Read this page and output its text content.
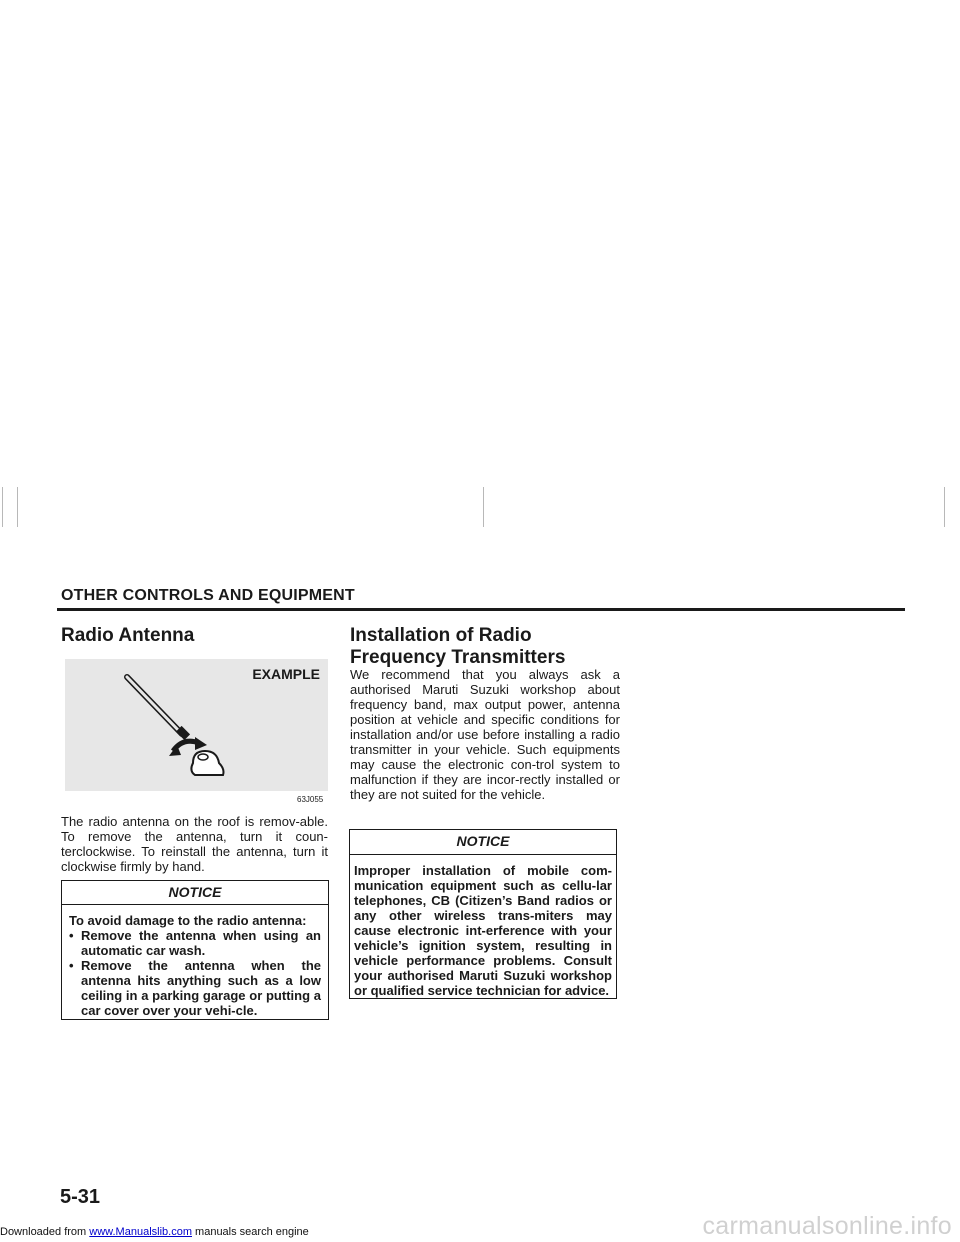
OTHER CONTROLS AND EQUIPMENT
Radio Antenna
EXAMPLE
63J055

The radio antenna on the roof is remov-able. To remove the antenna, turn it coun-terclockwise. To reinstall the antenna, turn it clockwise firmly by hand.

NOTICE
To avoid damage to the radio antenna:
• Remove the antenna when using an automatic car wash.
• Remove the antenna when the antenna hits anything such as a low ceiling in a parking garage or putting a car cover over your vehi-cle.
Installation of Radio
Frequency Transmitters

We recommend that you always ask a authorised Maruti Suzuki workshop about frequency band, max output power, antenna position at vehicle and specific conditions for installation and/or use before installing a radio transmitter in your vehicle. Such equipments may cause the electronic con-trol system to malfunction if they are incor-rectly installed or they are not suited for the vehicle.

NOTICE
Improper installation of mobile com-munication equipment such as cellu-lar telephones, CB (Citizen’s Band radios or any other wireless trans-miters may cause electronic int-erference with your vehicle’s ignition system, resulting in vehicle performance problems. Consult your authorised Maruti Suzuki workshop or qualified service technician for advice.
5-31
Downloaded from www.Manualslib.com manuals search engine	carmanualsonline.info
